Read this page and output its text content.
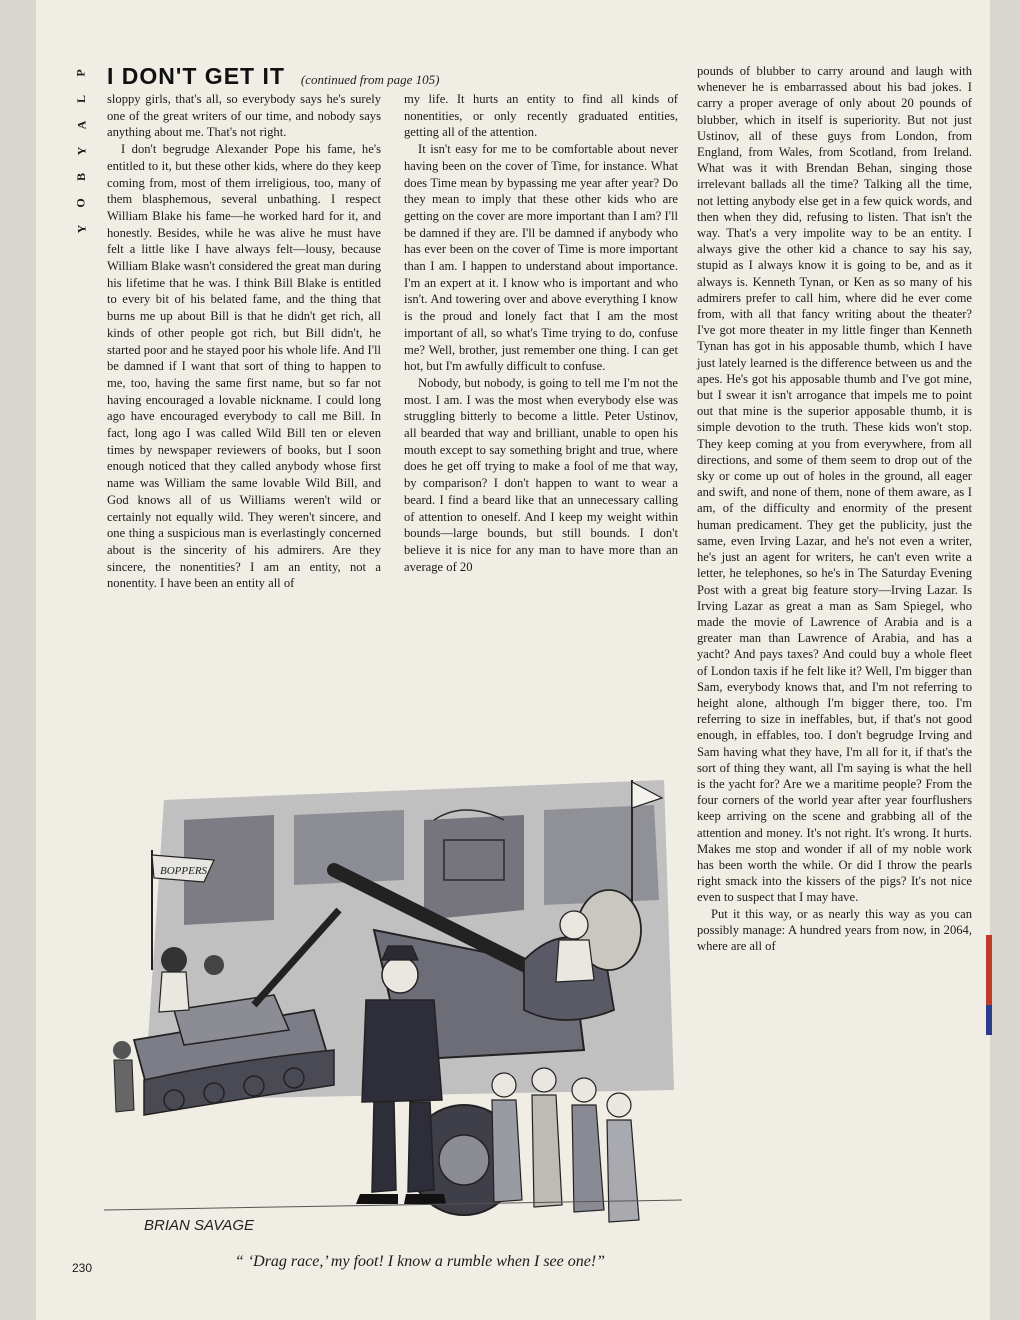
P
L
A
Y
B
O
Y
I DON'T GET IT (continued from page 105)

sloppy girls, that's all, so everybody says he's surely one of the great writers of our time, and nobody says anything about me. That's not right.

I don't begrudge Alexander Pope his fame, he's entitled to it, but these other kids, where do they keep coming from, most of them irreligious, too, many of them blasphemous, several unbathing. I respect William Blake his fame—he worked hard for it, and honestly. Besides, while he was alive he must have felt a little like I have always felt—lousy, because William Blake wasn't considered the great man during his lifetime that he was. I think Bill Blake is entitled to every bit of his belated fame, and the thing that burns me up about Bill is that he didn't get rich, all kinds of other people got rich, but Bill didn't, he started poor and he stayed poor his whole life. And I'll be damned if I want that sort of thing to happen to me, too, having the same first name, but so far not having encouraged a lovable nickname. I could long ago have encouraged everybody to call me Bill. In fact, long ago I was called Wild Bill ten or eleven times by newspaper reviewers of books, but I soon enough noticed that they called anybody whose first name was William the same lovable Wild Bill, and God knows all of us Williams weren't wild or certainly not equally wild. They weren't sincere, and one thing a suspicious man is everlastingly concerned about is the sincerity of his admirers. Are they sincere, the nonentities? I am an entity, not a nonentity. I have been an entity all of

my life. It hurts an entity to find all kinds of nonentities, or only recently graduated entities, getting all of the attention.

It isn't easy for me to be comfortable about never having been on the cover of Time, for instance. What does Time mean by bypassing me year after year? Do they mean to imply that these other kids who are getting on the cover are more important than I am? I'll be damned if they are. I'll be damned if anybody who has ever been on the cover of Time is more important than I am. I happen to understand about importance. I'm an expert at it. I know who is important and who isn't. And towering over and above everything I know is the proud and lonely fact that I am the most important of all, so what's Time trying to do, confuse me? Well, brother, just remember one thing. I can get hot, but I'm awfully difficult to confuse.

Nobody, but nobody, is going to tell me I'm not the most. I am. I was the most when everybody else was struggling bitterly to become a little. Peter Ustinov, all bearded that way and brilliant, unable to open his mouth except to say something bright and true, where does he get off trying to make a fool of me that way, by comparison? I don't happen to want to wear a beard. I find a beard like that an unnecessary calling of attention to oneself. And I keep my weight within bounds—large bounds, but still bounds. I don't believe it is nice for any man to have more than an average of 20

pounds of blubber to carry around and laugh with whenever he is embarrassed about his bad jokes. I carry a proper average of only about 20 pounds of blubber, which in itself is superiority. But not just Ustinov, all of these guys from London, from England, from Wales, from Scotland, from Ireland. What was it with Brendan Behan, singing those irrelevant ballads all the time? Talking all the time, not letting anybody else get in a few quick words, and then when they did, refusing to listen. That isn't the way. That's a very impolite way to be an entity. I always give the other kid a chance to say his say, stupid as I always know it is going to be, and as it always is. Kenneth Tynan, or Ken as so many of his admirers prefer to call him, where did he ever come from, with all that fancy writing about the theater? I've got more theater in my little finger than Kenneth Tynan has got in his apposable thumb, which I have just lately learned is the difference between us and the apes. He's got his apposable thumb and I've got mine, but I swear it isn't arrogance that impels me to point out that mine is the superior apposable thumb, it is simple devotion to the truth. These kids won't stop. They keep coming at you from everywhere, from all directions, and some of them seem to drop out of the sky or come up out of holes in the ground, all eager and swift, and none of them, none of them aware, as I am, of the difficulty and enormity of the present human predicament. They get the publicity, just the same, even Irving Lazar, and he's not even a writer, he's just an agent for writers, he can't even write a letter, he telephones, so he's in The Saturday Evening Post with a great big feature story—Irving Lazar. Is Irving Lazar as great a man as Sam Spiegel, who made the movie of Lawrence of Arabia and is a greater man than Lawrence of Arabia, and has a yacht? And pays taxes? And could buy a whole fleet of London taxis if he felt like it? Well, I'm bigger than Sam, everybody knows that, and I'm not referring to height alone, although I'm bigger there, too. I'm referring to size in ineffables, but, if that's not good enough, in effables, too. I don't begrudge Irving and Sam having what they have, I'm all for it, if that's the sort of thing they want, all I'm saying is what the hell is the yacht for? Are we a maritime people? From the four corners of the world year after year fourflushers keep arriving on the scene and grabbing all of the attention and money. It's not right. It's wrong. It hurts. Makes me stop and wonder if all of my noble work has been worth the while. Or did I throw the pearls right smack into the kissers of the pigs? It's not nice even to suspect that I may have.

Put it this way, or as nearly this way as you can possibly manage: A hundred years from now, in 2064, where are all of

BOPPERS
BRIAN SAVAGE
“ ‘Drag race,’ my foot! I know a rumble when I see one!”
230
